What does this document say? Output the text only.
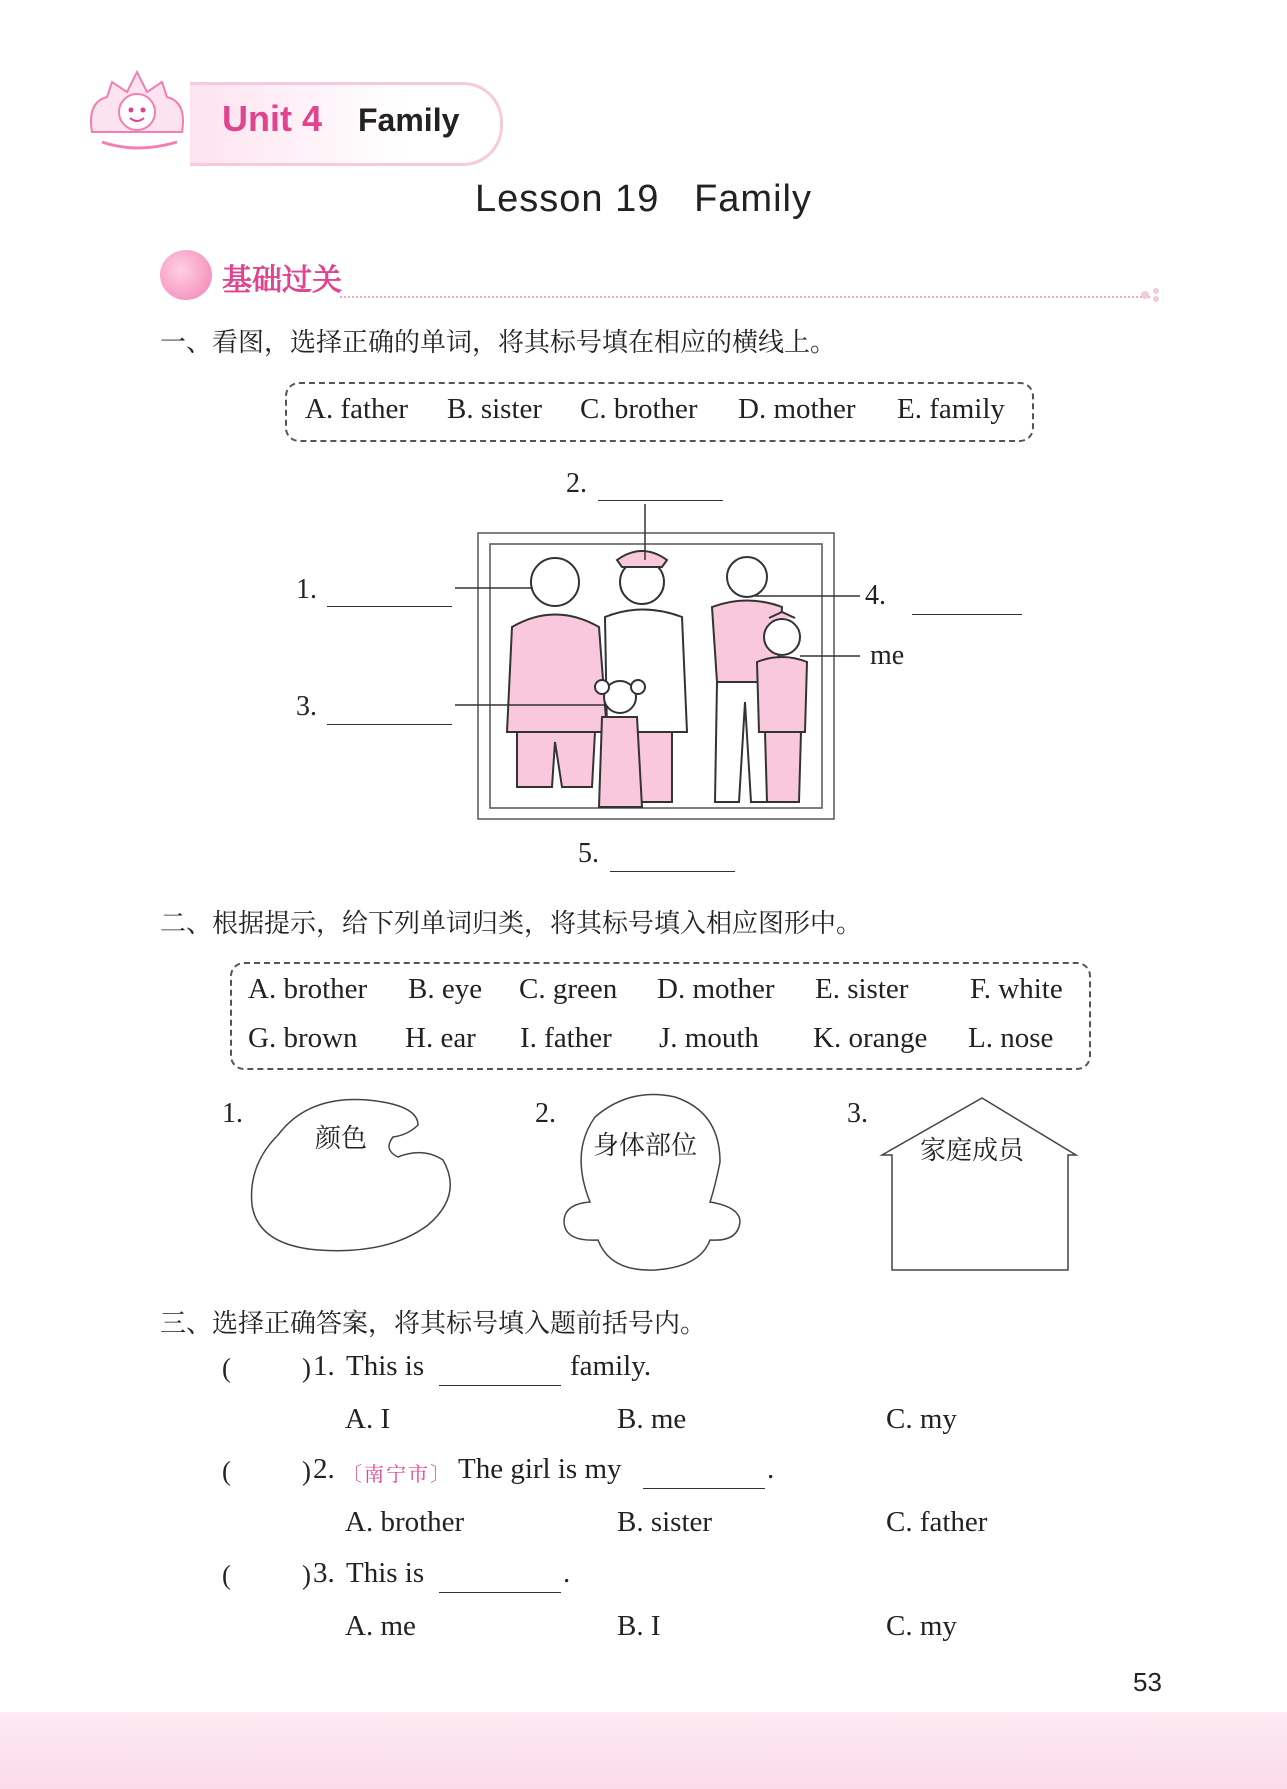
Unit 4 Family
Lesson 19   Family
基础过关
一、看图，选择正确的单词，将其标号填在相应的横线上。
A. father B. sister C. brother D. mother E. family
1.
2.
3.
4.
me
5.
二、根据提示，给下列单词归类，将其标号填入相应图形中。
A. brother B. eye C. green D. mother E. sister F. white
G. brown H. ear I. father J. mouth K. orange L. nose
1.
颜色
2.
身体部位
3.
家庭成员
三、选择正确答案，将其标号填入题前括号内。
(	) 1. This is	family.
A. I	B. me	C. my
(	) 2. 〔南宁市〕 The girl is my	.
A. brother	B. sister	C. father
(	) 3. This is	.
A. me	B. I	C. my
53
